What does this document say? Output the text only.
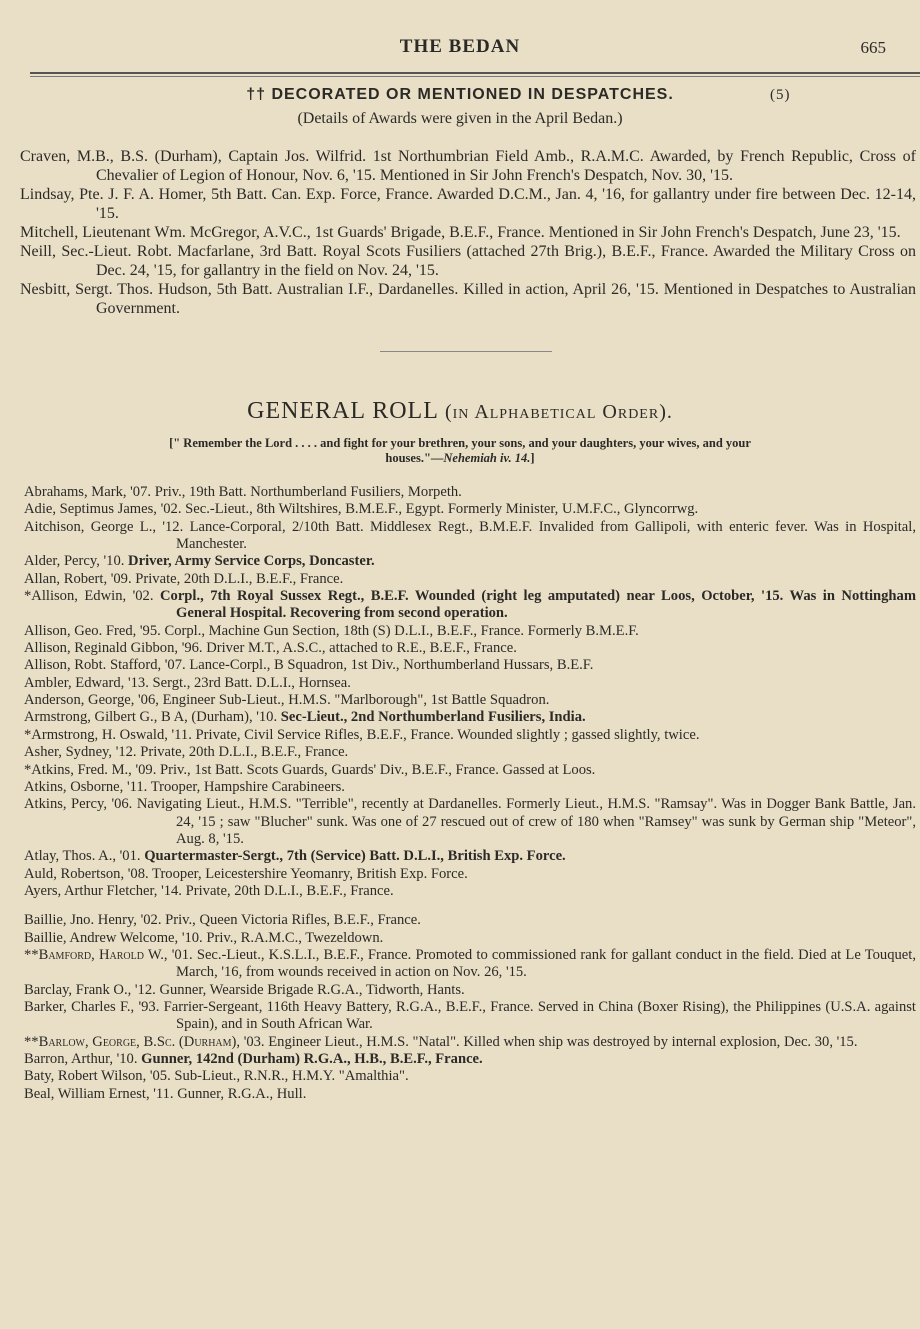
THE BEDAN	665
†† DECORATED OR MENTIONED IN DESPATCHES.	(5)
(Details of Awards were given in the April Bedan.)
Craven, M.B., B.S. (Durham), Captain Jos. Wilfrid. 1st Northumbrian Field Amb., R.A.M.C. Awarded, by French Republic, Cross of Chevalier of Legion of Honour, Nov. 6, '15. Mentioned in Sir John French's Despatch, Nov. 30, '15.
Lindsay, Pte. J. F. A. Homer, 5th Batt. Can. Exp. Force, France. Awarded D.C.M., Jan. 4, '16, for gallantry under fire between Dec. 12-14, '15.
Mitchell, Lieutenant Wm. McGregor, A.V.C., 1st Guards' Brigade, B.E.F., France. Mentioned in Sir John French's Despatch, June 23, '15.
Neill, Sec.-Lieut. Robt. Macfarlane, 3rd Batt. Royal Scots Fusiliers (attached 27th Brig.), B.E.F., France. Awarded the Military Cross on Dec. 24, '15, for gallantry in the field on Nov. 24, '15.
Nesbitt, Sergt. Thos. Hudson, 5th Batt. Australian I.F., Dardanelles. Killed in action, April 26, '15. Mentioned in Despatches to Australian Government.
GENERAL ROLL (in Alphabetical Order).
[" Remember the Lord . . . . and fight for your brethren, your sons, and your daughters, your wives, and your houses."—Nehemiah iv. 14.]
Abrahams, Mark, '07. Priv., 19th Batt. Northumberland Fusiliers, Morpeth.
Adie, Septimus James, '02. Sec.-Lieut., 8th Wiltshires, B.M.E.F., Egypt. Formerly Minister, U.M.F.C., Glyncorrwg.
Aitchison, George L., '12. Lance-Corporal, 2/10th Batt. Middlesex Regt., B.M.E.F. Invalided from Gallipoli, with enteric fever. Was in Hospital, Manchester.
Alder, Percy, '10. Driver, Army Service Corps, Doncaster.
Allan, Robert, '09. Private, 20th D.L.I., B.E.F., France.
*Allison, Edwin, '02. Corpl., 7th Royal Sussex Regt., B.E.F. Wounded (right leg amputated) near Loos, October, '15. Was in Nottingham General Hospital. Recovering from second operation.
Allison, Geo. Fred, '95. Corpl., Machine Gun Section, 18th (S) D.L.I., B.E.F., France. Formerly B.M.E.F.
Allison, Reginald Gibbon, '96. Driver M.T., A.S.C., attached to R.E., B.E.F., France.
Allison, Robt. Stafford, '07. Lance-Corpl., B Squadron, 1st Div., Northumberland Hussars, B.E.F.
Ambler, Edward, '13. Sergt., 23rd Batt. D.L.I., Hornsea.
Anderson, George, '06, Engineer Sub-Lieut., H.M.S. "Marlborough", 1st Battle Squadron.
Armstrong, Gilbert G., B A, (Durham), '10. Sec-Lieut., 2nd Northumberland Fusiliers, India.
*Armstrong, H. Oswald, '11. Private, Civil Service Rifles, B.E.F., France. Wounded slightly ; gassed slightly, twice.
Asher, Sydney, '12. Private, 20th D.L.I., B.E.F., France.
*Atkins, Fred. M., '09. Priv., 1st Batt. Scots Guards, Guards' Div., B.E.F., France. Gassed at Loos.
Atkins, Osborne, '11. Trooper, Hampshire Carabineers.
Atkins, Percy, '06. Navigating Lieut., H.M.S. "Terrible", recently at Dardanelles. Formerly Lieut., H.M.S. "Ramsay". Was in Dogger Bank Battle, Jan. 24, '15 ; saw "Blucher" sunk. Was one of 27 rescued out of crew of 180 when "Ramsey" was sunk by German ship "Meteor", Aug. 8, '15.
Atlay, Thos. A., '01. Quartermaster-Sergt., 7th (Service) Batt. D.L.I., British Exp. Force.
Auld, Robertson, '08. Trooper, Leicestershire Yeomanry, British Exp. Force.
Ayers, Arthur Fletcher, '14. Private, 20th D.L.I., B.E.F., France.
Baillie, Jno. Henry, '02. Priv., Queen Victoria Rifles, B.E.F., France.
Baillie, Andrew Welcome, '10. Priv., R.A.M.C., Twezeldown.
**Bamford, Harold W., '01. Sec.-Lieut., K.S.L.I., B.E.F., France. Promoted to commissioned rank for gallant conduct in the field. Died at Le Touquet, March, '16, from wounds received in action on Nov. 26, '15.
Barclay, Frank O., '12. Gunner, Wearside Brigade R.G.A., Tidworth, Hants.
Barker, Charles F., '93. Farrier-Sergeant, 116th Heavy Battery, R.G.A., B.E.F., France. Served in China (Boxer Rising), the Philippines (U.S.A. against Spain), and in South African War.
**Barlow, George, B.Sc. (Durham), '03. Engineer Lieut., H.M.S. "Natal". Killed when ship was destroyed by internal explosion, Dec. 30, '15.
Barron, Arthur, '10. Gunner, 142nd (Durham) R.G.A., H.B., B.E.F., France.
Baty, Robert Wilson, '05. Sub-Lieut., R.N.R., H.M.Y. "Amalthia".
Beal, William Ernest, '11. Gunner, R.G.A., Hull.
